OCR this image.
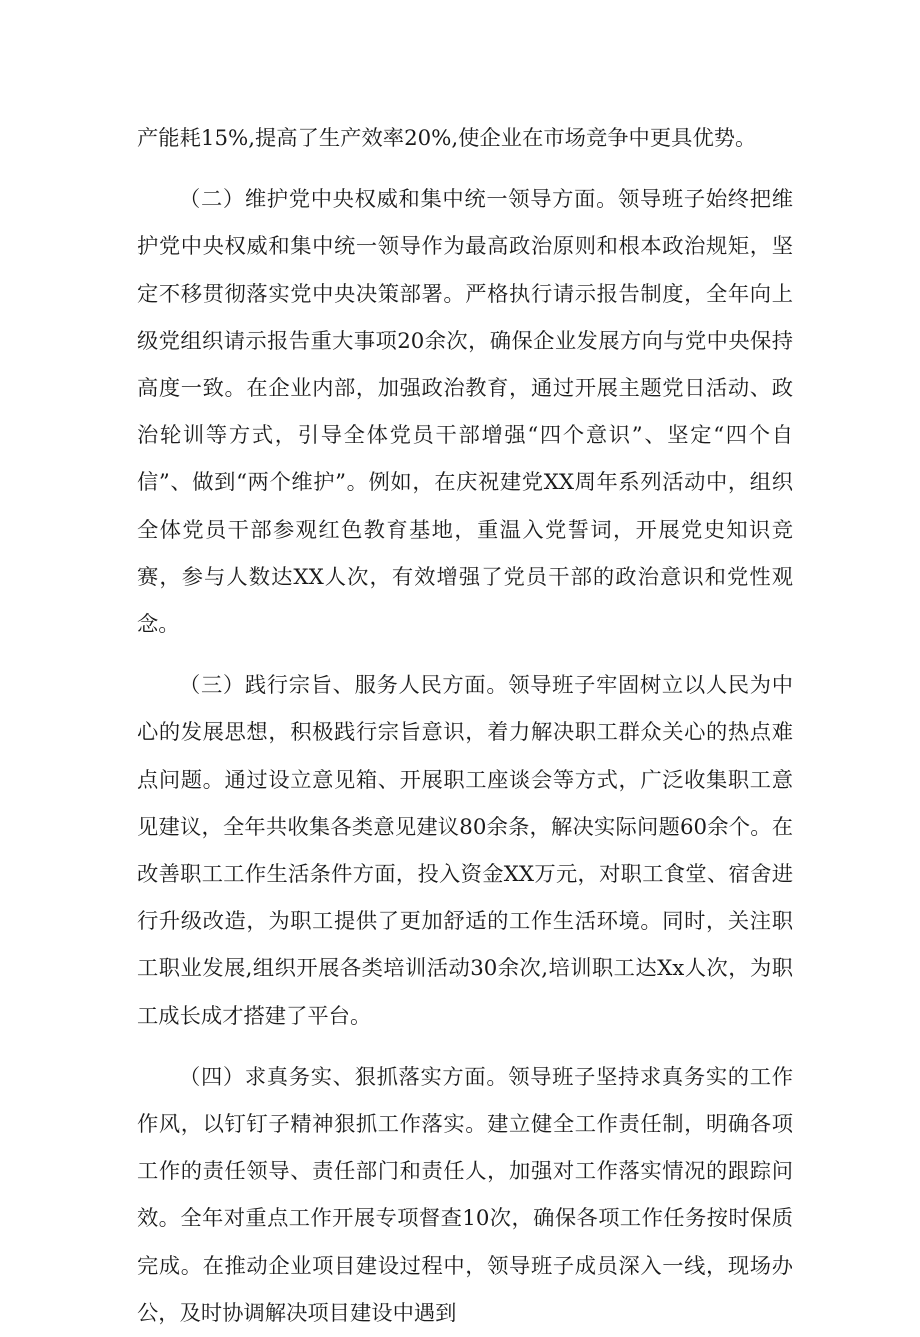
产能耗15%,提高了生产效率20%,使企业在市场竞争中更具优势。

（二）维护党中央权威和集中统一领导方面。领导班子始终把维护党中央权威和集中统一领导作为最高政治原则和根本政治规矩，坚定不移贯彻落实党中央决策部署。严格执行请示报告制度，全年向上级党组织请示报告重大事项20余次，确保企业发展方向与党中央保持高度一致。在企业内部，加强政治教育，通过开展主题党日活动、政治轮训等方式，引导全体党员干部增强“四个意识”、坚定“四个自信”、做到“两个维护”。例如，在庆祝建党XX周年系列活动中，组织全体党员干部参观红色教育基地，重温入党誓词，开展党史知识竞赛，参与人数达XX人次，有效增强了党员干部的政治意识和党性观念。

（三）践行宗旨、服务人民方面。领导班子牢固树立以人民为中心的发展思想，积极践行宗旨意识，着力解决职工群众关心的热点难点问题。通过设立意见箱、开展职工座谈会等方式，广泛收集职工意见建议，全年共收集各类意见建议80余条，解决实际问题60余个。在改善职工工作生活条件方面，投入资金XX万元，对职工食堂、宿舍进行升级改造，为职工提供了更加舒适的工作生活环境。同时，关注职工职业发展,组织开展各类培训活动30余次,培训职工达Xx人次，为职工成长成才搭建了平台。

（四）求真务实、狠抓落实方面。领导班子坚持求真务实的工作作风，以钉钉子精神狠抓工作落实。建立健全工作责任制，明确各项工作的责任领导、责任部门和责任人，加强对工作落实情况的跟踪问效。全年对重点工作开展专项督查10次，确保各项工作任务按时保质完成。在推动企业项目建设过程中，领导班子成员深入一线，现场办公，及时协调解决项目建设中遇到
